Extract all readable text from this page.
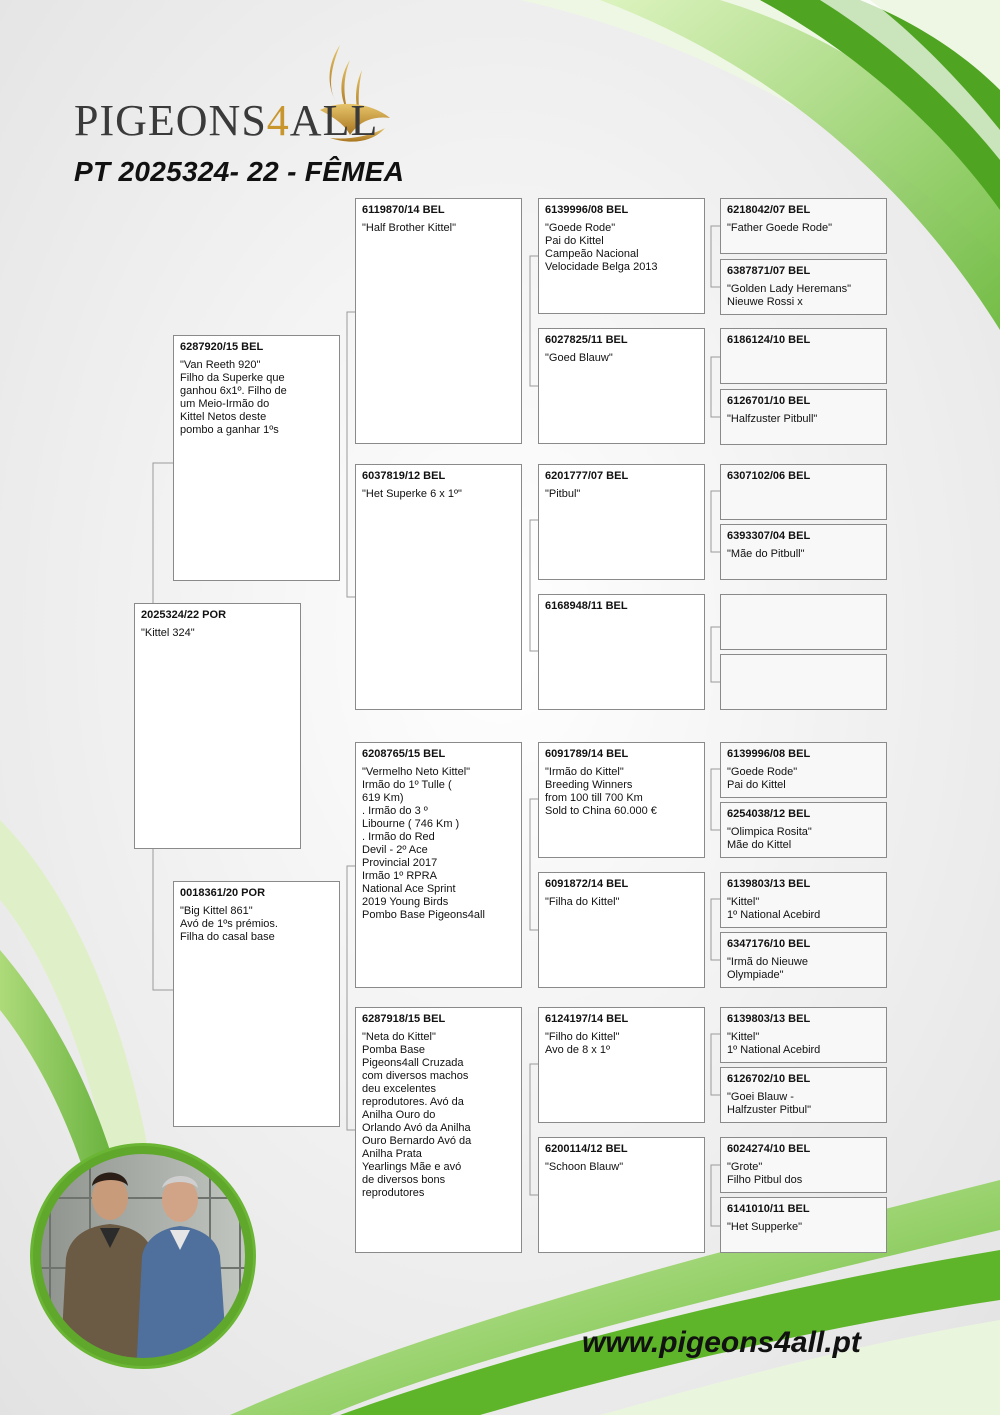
PIGEONS4ALL
PT 2025324- 22 - FÊMEA
2025324/22 POR
"Kittel 324"
6287920/15 BEL
"Van Reeth 920"
Filho da Superke que
ganhou 6x1º. Filho de
um Meio-Irmão do
Kittel Netos deste
pombo a ganhar 1ºs
0018361/20 POR
"Big Kittel 861"
Avó de 1ºs prémios.
Filha do casal base
6119870/14 BEL
"Half Brother Kittel"
6037819/12 BEL
"Het Superke 6 x 1º"
6208765/15 BEL
"Vermelho Neto Kittel"
Irmão do 1º Tulle (
619 Km)
. Irmão do 3 º
Libourne ( 746 Km )
. Irmão do Red
Devil - 2º Ace
Provincial 2017
Irmão 1º RPRA
National Ace Sprint
2019 Young Birds
Pombo Base Pigeons4all
6287918/15 BEL
"Neta do Kittel"
Pomba Base
Pigeons4all Cruzada
com diversos machos
deu excelentes
reprodutores. Avó da
Anilha Ouro do
Orlando Avó da Anilha
Ouro Bernardo Avó da
Anilha Prata
Yearlings Mãe e avó
de diversos bons
reprodutores
6139996/08 BEL
"Goede Rode"
Pai do Kittel
Campeão Nacional
Velocidade Belga 2013
6027825/11 BEL
"Goed Blauw"
6201777/07 BEL
"Pitbul"
6168948/11 BEL
6091789/14 BEL
"Irmão do Kittel"
Breeding Winners
from 100 till 700 Km
Sold to China 60.000 €
6091872/14 BEL
"Filha do Kittel"
6124197/14 BEL
"Filho do Kittel"
Avo de 8 x 1º
6200114/12 BEL
"Schoon Blauw"
6218042/07 BEL
"Father Goede Rode"
6387871/07 BEL
"Golden Lady Heremans"
Nieuwe Rossi x
6186124/10 BEL
6126701/10 BEL
"Halfzuster Pitbull"
6307102/06 BEL
6393307/04 BEL
"Mãe do Pitbull"
6139996/08 BEL
"Goede Rode"
Pai do Kittel
6254038/12 BEL
"Olimpica Rosita"
Mãe do Kittel
6139803/13 BEL
"Kittel"
1º National Acebird
6347176/10 BEL
"Irmã do Nieuwe
Olympiade"
6139803/13 BEL
"Kittel"
1º National Acebird
6126702/10 BEL
"Goei Blauw -
Halfzuster Pitbul"
6024274/10 BEL
"Grote"
Filho Pitbul dos
6141010/11 BEL
"Het Supperke"
www.pigeons4all.pt
